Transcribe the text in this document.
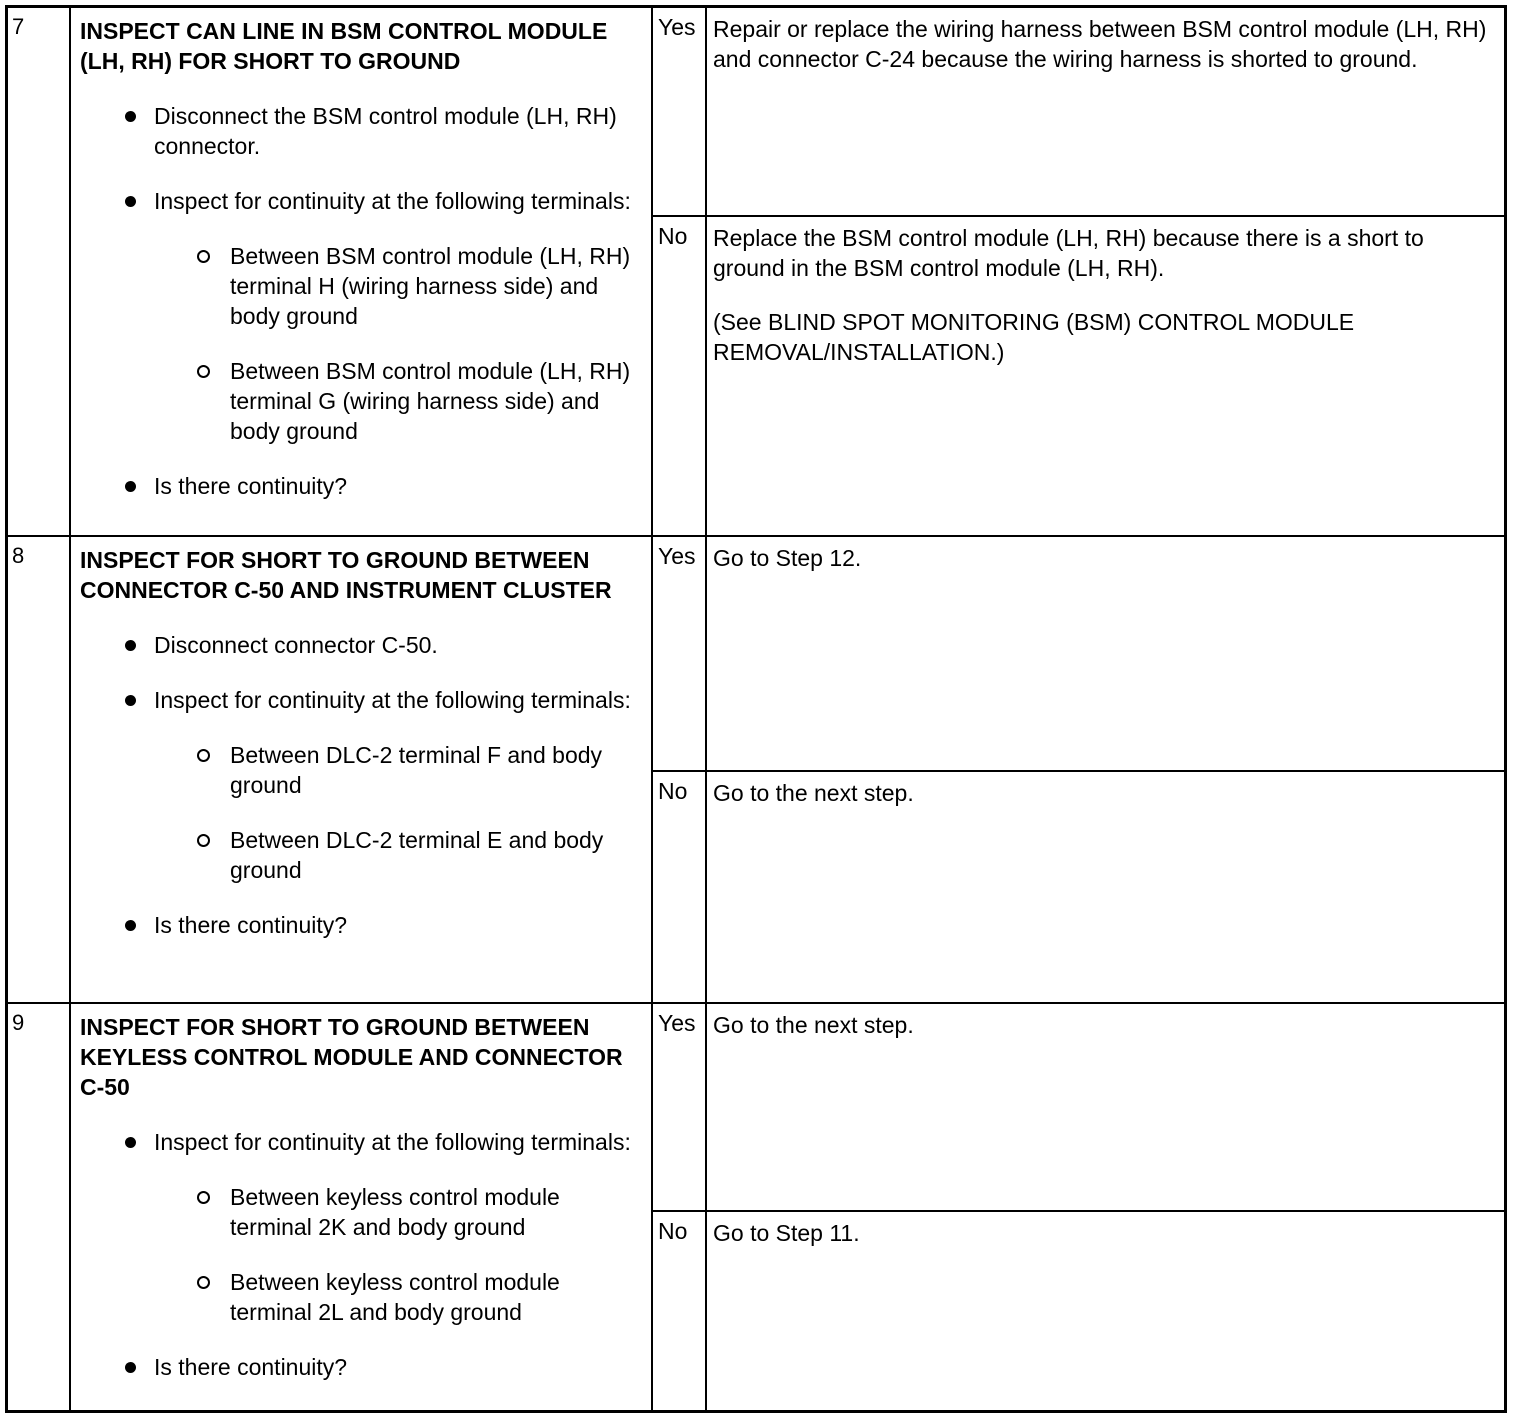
7	INSPECT CAN LINE IN BSM CONTROL MODULE (LH, RH) FOR SHORT TO GROUND
Disconnect the BSM control module (LH, RH) connector.
Inspect for continuity at the following terminals:
Between BSM control module (LH, RH) terminal H (wiring harness side) and body ground
Between BSM control module (LH, RH) terminal G (wiring harness side) and body ground
Is there continuity?
Yes Repair or replace the wiring harness between BSM control module (LH, RH) and connector C-24 because the wiring harness is shorted to ground.

No	Replace the BSM control module (LH, RH) because there is a short to ground in the BSM control module (LH, RH).

(See BLIND SPOT MONITORING (BSM) CONTROL MODULE REMOVAL/INSTALLATION.)

8	INSPECT FOR SHORT TO GROUND BETWEEN CONNECTOR C-50 AND INSTRUMENT CLUSTER
Disconnect connector C-50.
Inspect for continuity at the following terminals:
Between DLC-2 terminal F and body ground
Between DLC-2 terminal E and body ground
Is there continuity?
Yes Go to Step 12.

No	Go to the next step.

9	INSPECT FOR SHORT TO GROUND BETWEEN KEYLESS CONTROL MODULE AND CONNECTOR C-50
Inspect for continuity at the following terminals:
Between keyless control module terminal 2K and body ground
Between keyless control module terminal 2L and body ground
Is there continuity?
Yes Go to the next step.

No	Go to Step 11.
